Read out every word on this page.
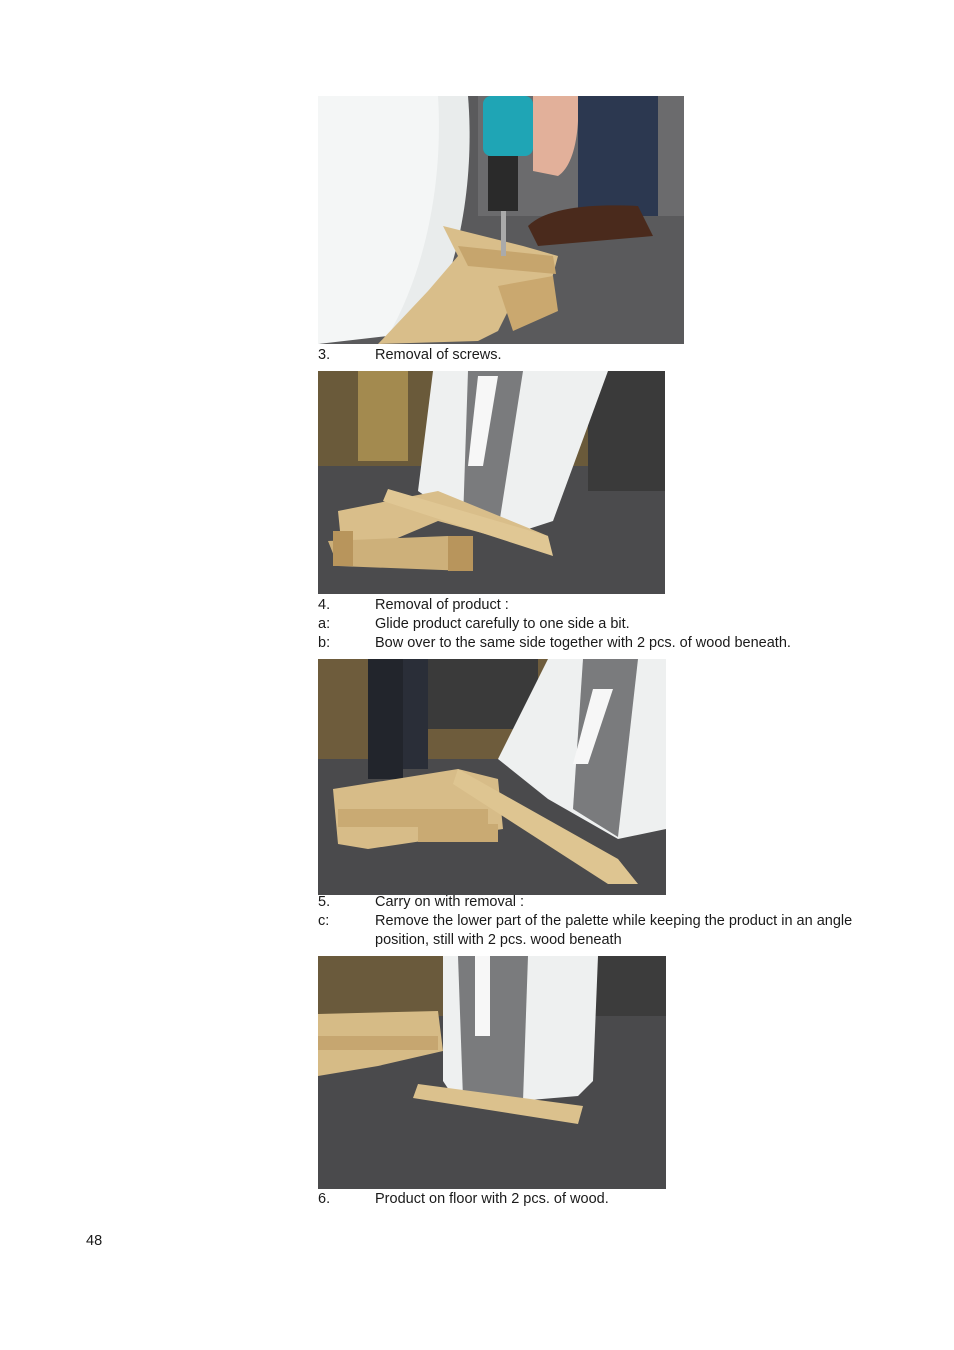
3.	Removal of screws.
4.	Removal of product :
a:	Glide product carefully to one side a bit.
b:	Bow over to the same side together with 2 pcs. of wood beneath.
5.	Carry on with removal :
c:	Remove the lower part of the palette while keeping the product in an angle position, still with 2 pcs. wood beneath
6.	Product on floor with 2 pcs. of wood.
48
